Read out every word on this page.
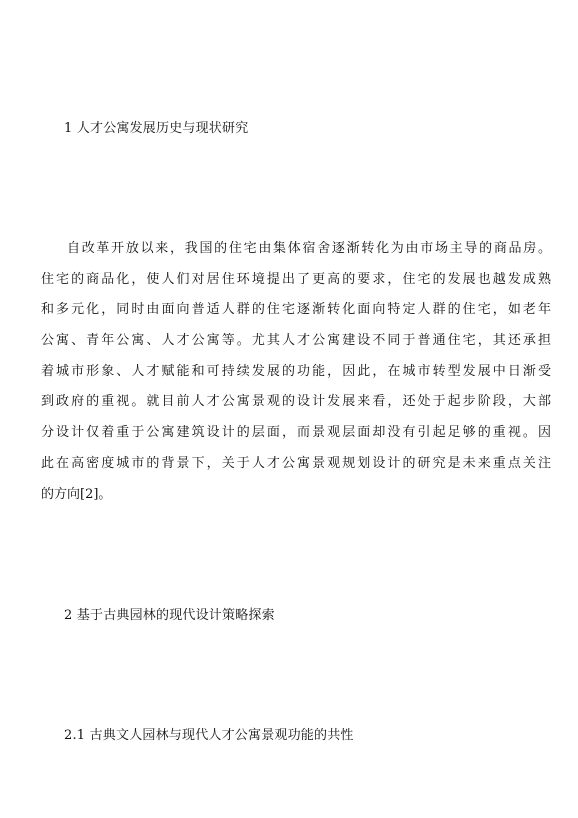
1 人才公寓发展历史与现状研究

自改革开放以来，我国的住宅由集体宿舍逐渐转化为由市场主导的商品房。
住宅的商品化，使人们对居住环境提出了更高的要求，住宅的发展也越发成熟
和多元化，同时由面向普适人群的住宅逐渐转化面向特定人群的住宅，如老年
公寓、青年公寓、人才公寓等。尤其人才公寓建设不同于普通住宅，其还承担
着城市形象、人才赋能和可持续发展的功能，因此，在城市转型发展中日渐受
到政府的重视。就目前人才公寓景观的设计发展来看，还处于起步阶段，大部
分设计仅着重于公寓建筑设计的层面，而景观层面却没有引起足够的重视。因
此在高密度城市的背景下，关于人才公寓景观规划设计的研究是未来重点关注
的方向[2]。

2 基于古典园林的现代设计策略探索
2.1 古典文人园林与现代人才公寓景观功能的共性
